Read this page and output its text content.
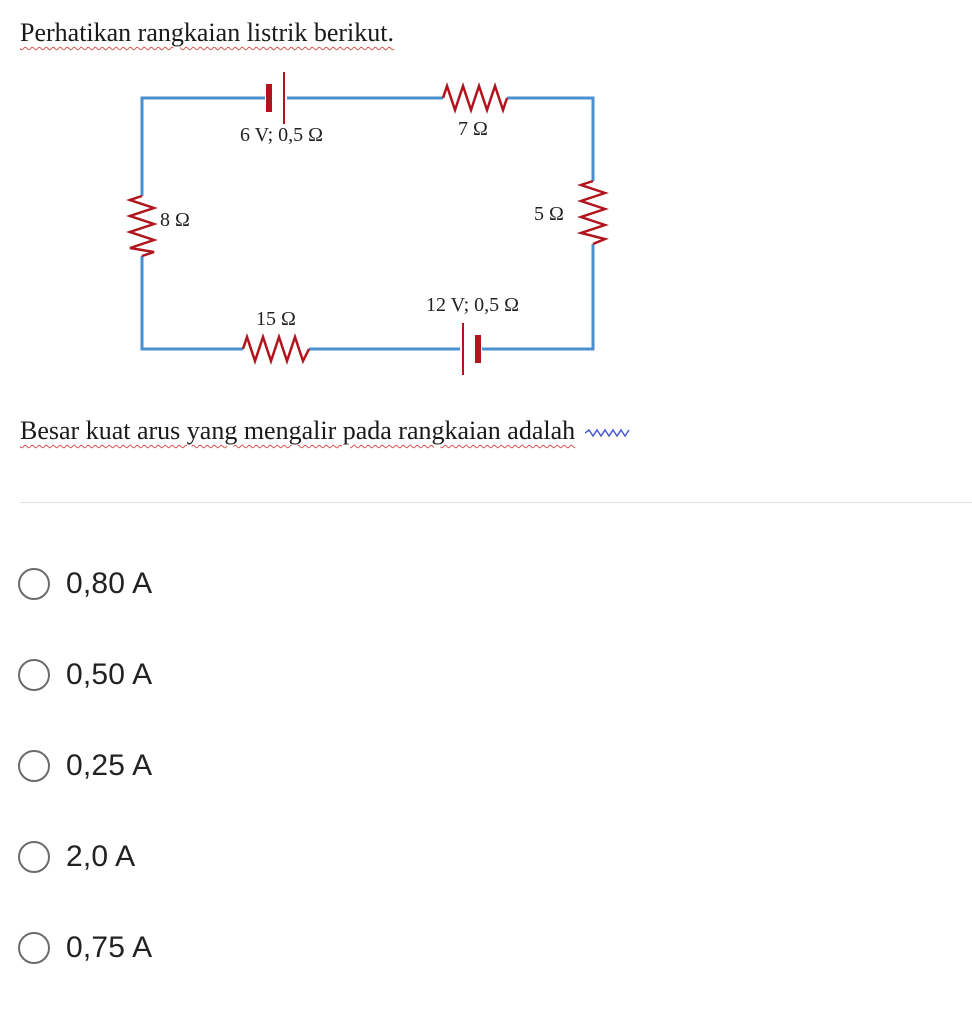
Perhatikan rangkaian listrik berikut.
6 V; 0,5 Ω	7 Ω
8 Ω	5 Ω
15 Ω
12 V; 0,5 Ω
Besar kuat arus yang mengalir pada rangkaian adalah
0,80 A
0,50 A
0,25 A
2,0 A
0,75 A
